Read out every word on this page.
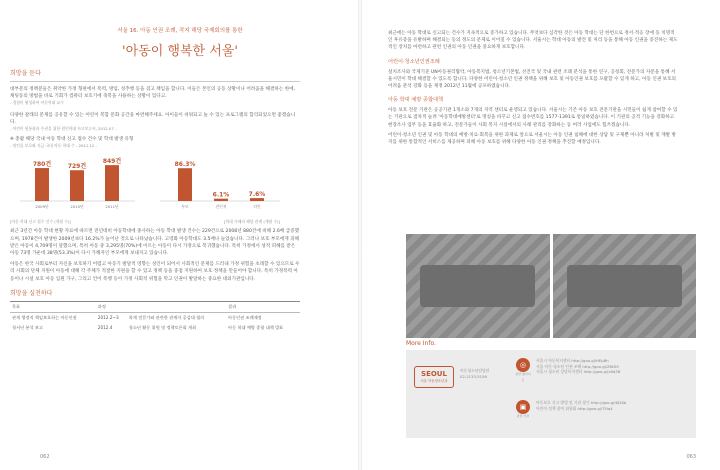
서울 16. 아동 인권 조례, 작지 해당 국제회의를 통한
'아동이 행복한 서울'
희망을 듣다

대부분의 정책분들은 취약한 가정 형편에서 폭력, 방임, 성추행 등을 겪고 책임을 합니다. 이들은 본인의 공동 상황이나 어려움을 해결하는 한에, 채팅동의 방법을 바로 기회가 컴퓨터 보호기에 축복을 사용하는 상황이 있다고.

- 경험이 왕성하여 아동학대 교수

다양한 갈래의 문제를 공유할 수 있는 어린이 복합 문화 공간을 마련해주세요. 아이들이 쉬워되고 놀 수 있는 프로그램의 합리되었으면 좋겠습니다.

- 어린이 원통함과 주권을 위한 원인학대 사고보고서, 2012.07 -

※ 총괄 해당 국내 아동 학대 신고 접수 건수 및 학대 발생 유형

- 원인을 보호와 지금 국내 아동 학대 수 - 2011.12 -

780건
2009년
729건
2010년
849건
2011년
86.3%
부모
6.1%
친인척
7.6%
타인
[아동 학대 신고 접수 건수 (개월 수)]	[학대 가해자 해당 관계 (개월 수)]

최근 3년간 아동 학대 현황 자료에 따르면 전년대비 아동학대에 종사하는 아동 학대 발생 건수는 229건으로 2008년 880건에 비해 2.6배 급증했으며, 1978건이 발생한 2009년보다 16.2%가 늘어난 것으로 나타났습니다. 고령화 아동학대도 3.5배나 늘었습니다. 그러나 보호 부모에게 피해받은 아동이 4,709명이 달했으며, 특히 아동 중 3,295명(70%)에 이르는 아동이 다시 가정으로 복귀했습니다. 특히 가정에서 성적 피해를 받은 아동 73명 가운데 38명(53.3%)이 다시 가해자인 부모에게 보내지고 있습니다.

아동은 한국 사회로부터 자신을 보호하기 어렵고 아동기 발달적 영향는 성인이 되어서 사회적인 문제를 드러내 가정 위험을 초래할 수 있으므로 우리 사회의 단체 지원이 아동에 대해 각 주체가 적절한 지원을 할 수 있고 정책 등을 중점 지원하여 보호 정책을 만들어야 합니다. 특히 가정폭력 아동이나 시설 보호 아동 입원 가구, 그리고 언어 폭행 등이 가정 사회적 위험을 막고 인권이 발달하는 중요한 대외기관입니다.

희망을 실천하다
목표	과정		결과
관계 행정직 책임보호하는 아동인권	2012.2~3	학계 전문가와 관련한 관계자 공감대 협의	아동인권 조례제정
청서년 분석 보고	2012.4	청소년 활동 위원 및 정책토론회 개최	아동 학대 예방 종합 대책 발표
062

최근에는 아동 학대로 신고되는 건수가 지속적으로 증가하고 있습니다. 무엇보다 심각한 것은 아동 학대는 단 한번으로 정서·적응 장애 등 치명적인 후유증을 유발하며 해결되는 등의 정도의 문제로 이어질 수 있습니다. 서울시는 학대 아동의 발견 및 처리 등을 통해 아동 인권을 증진하는 제도적인 장치를 마련하고 관련 인권의 아동 인권을 중요하게 보호합니다.

어린이·청소년인권조례

설치조사와 국제기준 UN아동권리협약, 아동복지법, 청소년기본법, 선진국 및 국내 관련 조례 분석을 통한 연구, 공청회, 전문가의 자문을 통해 서울시민이 학대 해결할 수 있도록 합니다. 다양한 어린이·청소년 인권 정책을 위해 보호 및 아동인권 보호를 포괄할 수 있게 하고, 아동 인권 보호의 어려움 분석 강화 등을 제정 2012년 11월에 공포하였습니다.

아동 학대 예방 종합대책

아동 보호 전문 기관은 공공기관 1개소와 7개의 지역 센터로 운영되고 있습니다. 서울시는 기존 아동 보호 전문기관을 시민들이 쉽게 참여할 수 있는 기관으로 점차적 늘려 '아동학대예방센터'로 명칭을 바꾸고 신고 접수번호를 1577-1391로 통일하였습니다. 이 기관의 공적 기능을 강화하고 현장조사 업무 등을 효율화 하고, 전문가들이 사회 복지 시설에서의 사례 관리를 강화하는 등 여러 사업에도 힘쓰겠습니다.

어린이·청소년 인권 및 아동 학대의 예방·치료·회복을 위한 과제로 앞으로 서울시는 아동 인권 침해에 대한 상담 및 구제뿐 아니라 처벌 및 재발 방지를 위한 통합적인 서비스를 제공하며 피해 아동 보호를 위해 다양한 아동 인권 정책을 추진할 예정입니다.

More Info.
SEOUL
서울 아동청소년과
아동청소년담당관
02-2133-5156
◎
관련 웹사이트
서울시 아동복지센터 http://goo.gl/HEpBh
서울 아동·청소년 인권 조례 http://goo.gl/Z6tD5
서울시 청소년 상담복지센터 http://goo.gl/v6d3B
▣
관련 기관
아동보호 신고 방법 및 기관 찾기 http://goo.gl/6J2Kb
어린이 정책 참여 위원회 http://goo.gl/T5iq4
063
